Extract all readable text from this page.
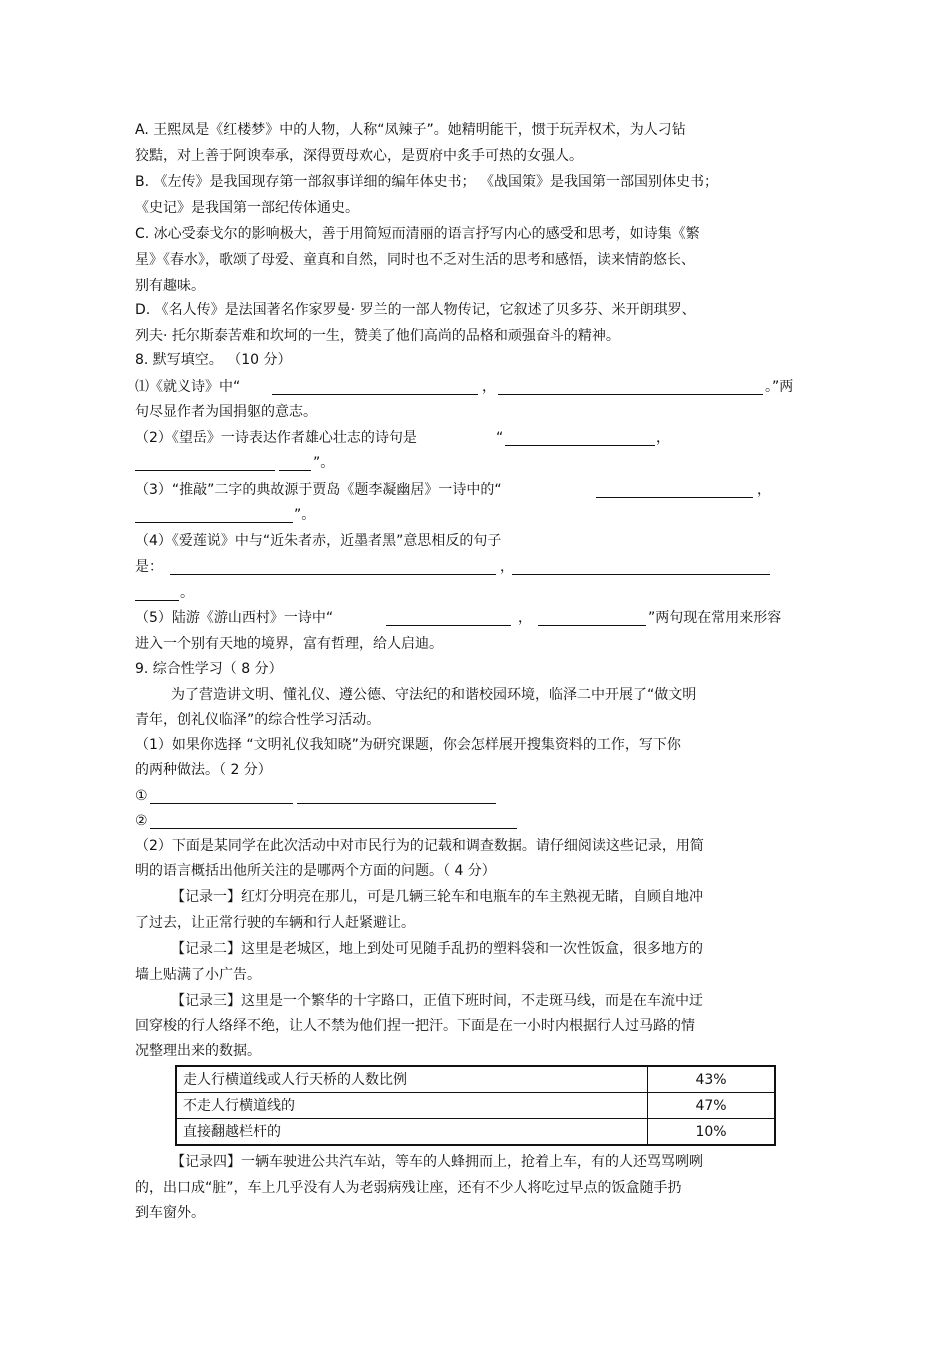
A. 王熙凤是《红楼梦》中的人物，人称“凤辣子”。她精明能干，惯于玩弄权术，为人刁钻
狡黠，对上善于阿谀奉承，深得贾母欢心，是贾府中炙手可热的女强人。
B. 《左传》是我国现存第一部叙事详细的编年体史书； 《战国策》是我国第一部国别体史书；
《史记》是我国第一部纪传体通史。
C. 冰心受泰戈尔的影响极大，善于用简短而清丽的语言抒写内心的感受和思考，如诗集《繁
星》《春水》，歌颂了母爱、童真和自然，同时也不乏对生活的思考和感悟，读来情韵悠长、
别有趣味。
D. 《名人传》是法国著名作家罗曼· 罗兰的一部人物传记，它叙述了贝多芬、米开朗琪罗、
列夫· 托尔斯泰苦难和坎坷的一生，赞美了他们高尚的品格和顽强奋斗的精神。
8. 默写填空。 （10 分）
⑴《就义诗》中“	，	。”两
句尽显作者为国捐躯的意志。
（2）《望岳》一诗表达作者雄心壮志的诗句是	“	，
”。
（3）“推敲”二字的典故源于贾岛《题李凝幽居》一诗中的“	，
”。
（4）《爱莲说》中与“近朱者赤，近墨者黑”意思相反的句子
是：	，
。
（5）陆游《游山西村》一诗中“	，	”两句现在常用来形容
进入一个别有天地的境界，富有哲理，给人启迪。
9. 综合性学习（ 8 分）
为了营造讲文明、懂礼仪、遵公德、守法纪的和谐校园环境，临泽二中开展了“做文明
青年，创礼仪临泽”的综合性学习活动。
（1）如果你选择 “文明礼仪我知晓”为研究课题，你会怎样展开搜集资料的工作，写下你
的两种做法。（ 2 分）
①
②
（2）下面是某同学在此次活动中对市民行为的记载和调查数据。请仔细阅读这些记录，用简
明的语言概括出他所关注的是哪两个方面的问题。（ 4 分）
【记录一】红灯分明亮在那儿，可是几辆三轮车和电瓶车的车主熟视无睹，自顾自地冲
了过去，让正常行驶的车辆和行人赶紧避让。
【记录二】这里是老城区，地上到处可见随手乱扔的塑料袋和一次性饭盒，很多地方的
墙上贴满了小广告。
【记录三】这里是一个繁华的十字路口，正值下班时间，不走斑马线，而是在车流中迂
回穿梭的行人络绎不绝，让人不禁为他们捏一把汗。下面是在一小时内根据行人过马路的情
况整理出来的数据。
走人行横道线或人行天桥的人数比例	43%
不走人行横道线的	47%
直接翻越栏杆的	10%
【记录四】一辆车驶进公共汽车站，等车的人蜂拥而上，抢着上车，有的人还骂骂咧咧
的，出口成“脏”，车上几乎没有人为老弱病残让座，还有不少人将吃过早点的饭盒随手扔
到车窗外。
